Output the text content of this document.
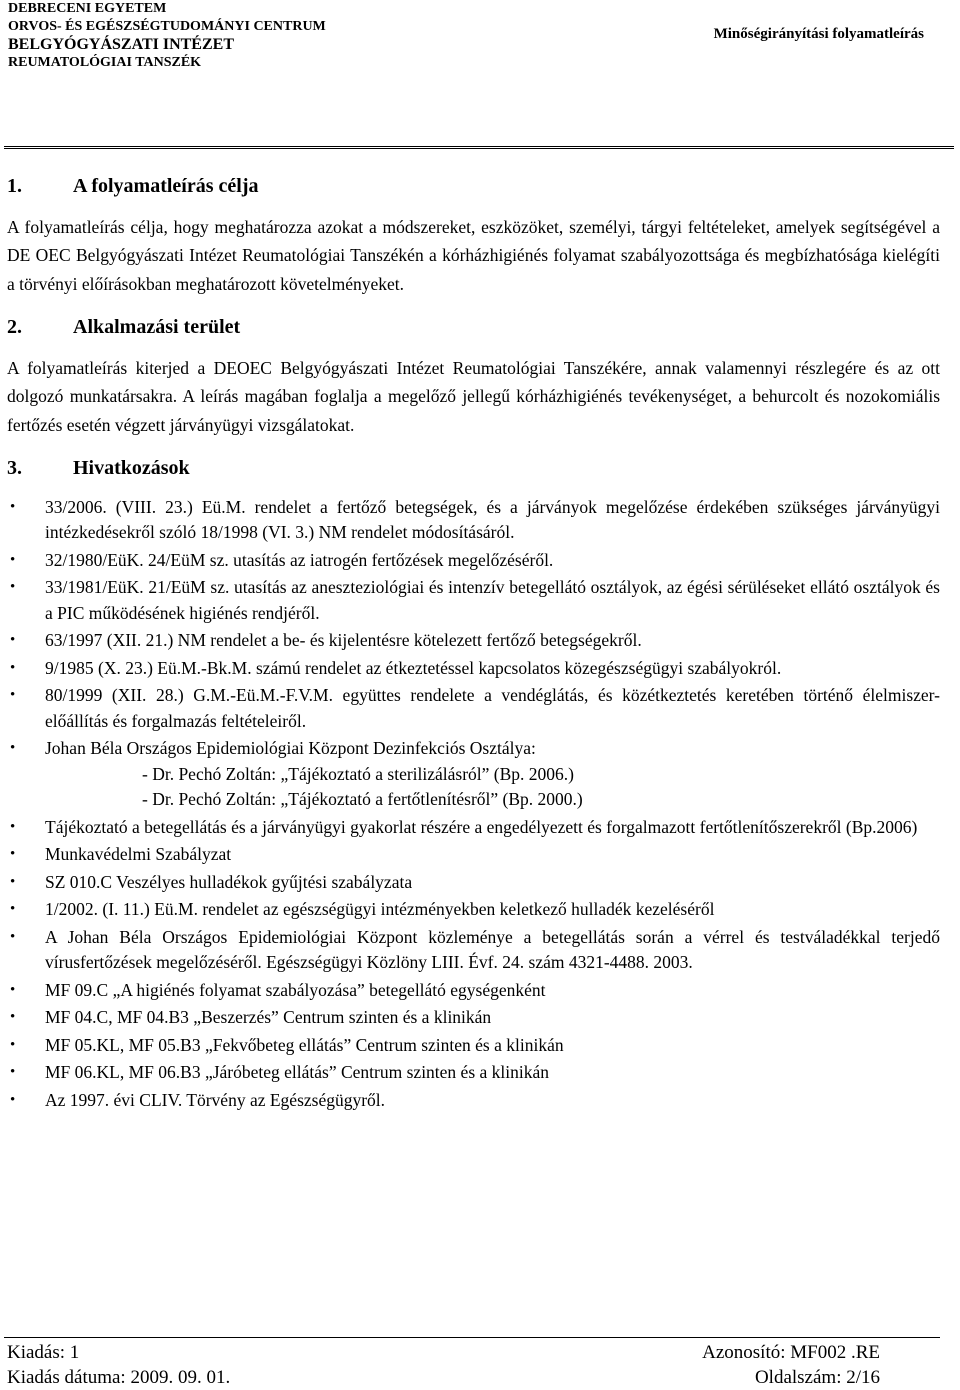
DEBRECENI EGYETEM
ORVOS- ÉS EGÉSZSÉGTUDOMÁNYI CENTRUM
BELGYÓGYÁSZATI INTÉZET
REUMATOLÓGIAI TANSZÉK
Minőségirányítási folyamatleírás
1.	A folyamatleírás célja

A folyamatleírás célja, hogy meghatározza azokat a módszereket, eszközöket, személyi, tárgyi feltételeket, amelyek segítségével a DE OEC Belgyógyászati Intézet Reumatológiai Tanszékén a kórházhigiénés folyamat szabályozottsága és megbízhatósága kielégíti a törvényi előírásokban meghatározott követelményeket.

2.	Alkalmazási terület

A folyamatleírás kiterjed a DEOEC Belgyógyászati Intézet Reumatológiai Tanszékére, annak valamennyi részlegére és az ott dolgozó munkatársakra. A leírás magában foglalja a megelőző jellegű kórházhigiénés tevékenységet, a behurcolt és nozokomiális fertőzés esetén végzett járványügyi vizsgálatokat.

3.	Hivatkozások
• 33/2006. (VIII. 23.) Eü.M. rendelet a fertőző betegségek, és a járványok megelőzése érdekében szükséges járványügyi intézkedésekről szóló 18/1998 (VI. 3.) NM rendelet módosításáról.
• 32/1980/EüK. 24/EüM sz. utasítás az iatrogén fertőzések megelőzéséről.
• 33/1981/EüK. 21/EüM sz. utasítás az aneszteziológiai és intenzív betegellátó osztályok, az égési sérüléseket ellátó osztályok és a PIC működésének higiénés rendjéről.
• 63/1997 (XII. 21.) NM rendelet a be- és kijelentésre kötelezett fertőző betegségekről.
• 9/1985 (X. 23.) Eü.M.-Bk.M. számú rendelet az étkeztetéssel kapcsolatos közegészségügyi szabályokról.
• 80/1999 (XII. 28.) G.M.-Eü.M.-F.V.M. együttes rendelete a vendéglátás, és közétkeztetés keretében történő élelmiszer-előállítás és forgalmazás feltételeiről.
• Johan Béla Országos Epidemiológiai Központ Dezinfekciós Osztálya:
- Dr. Pechó Zoltán: „Tájékoztató a sterilizálásról” (Bp. 2006.)
- Dr. Pechó Zoltán: „Tájékoztató a fertőtlenítésről” (Bp. 2000.)
• Tájékoztató a betegellátás és a járványügyi gyakorlat részére a engedélyezett és forgalmazott fertőtlenítőszerekről (Bp.2006)
• Munkavédelmi Szabályzat
• SZ 010.C Veszélyes hulladékok gyűjtési szabályzata
• 1/2002. (I. 11.) Eü.M. rendelet az egészségügyi intézményekben keletkező hulladék kezeléséről
• A Johan Béla Országos Epidemiológiai Központ közleménye a betegellátás során a vérrel és testváladékkal terjedő vírusfertőzések megelőzéséről. Egészségügyi Közlöny LIII. Évf. 24. szám 4321-4488. 2003.
• MF 09.C „A higiénés folyamat szabályozása” betegellátó egységenként
• MF 04.C, MF 04.B3 „Beszerzés” Centrum szinten és a klinikán
• MF 05.KL, MF 05.B3 „Fekvőbeteg ellátás” Centrum szinten és a klinikán
• MF 06.KL, MF 06.B3 „Járóbeteg ellátás” Centrum szinten és a klinikán
• Az 1997. évi CLIV. Törvény az Egészségügyről.
Kiadás: 1	Azonosító: MF002 .RE
Kiadás dátuma: 2009. 09. 01.	Oldalszám: 2/16
